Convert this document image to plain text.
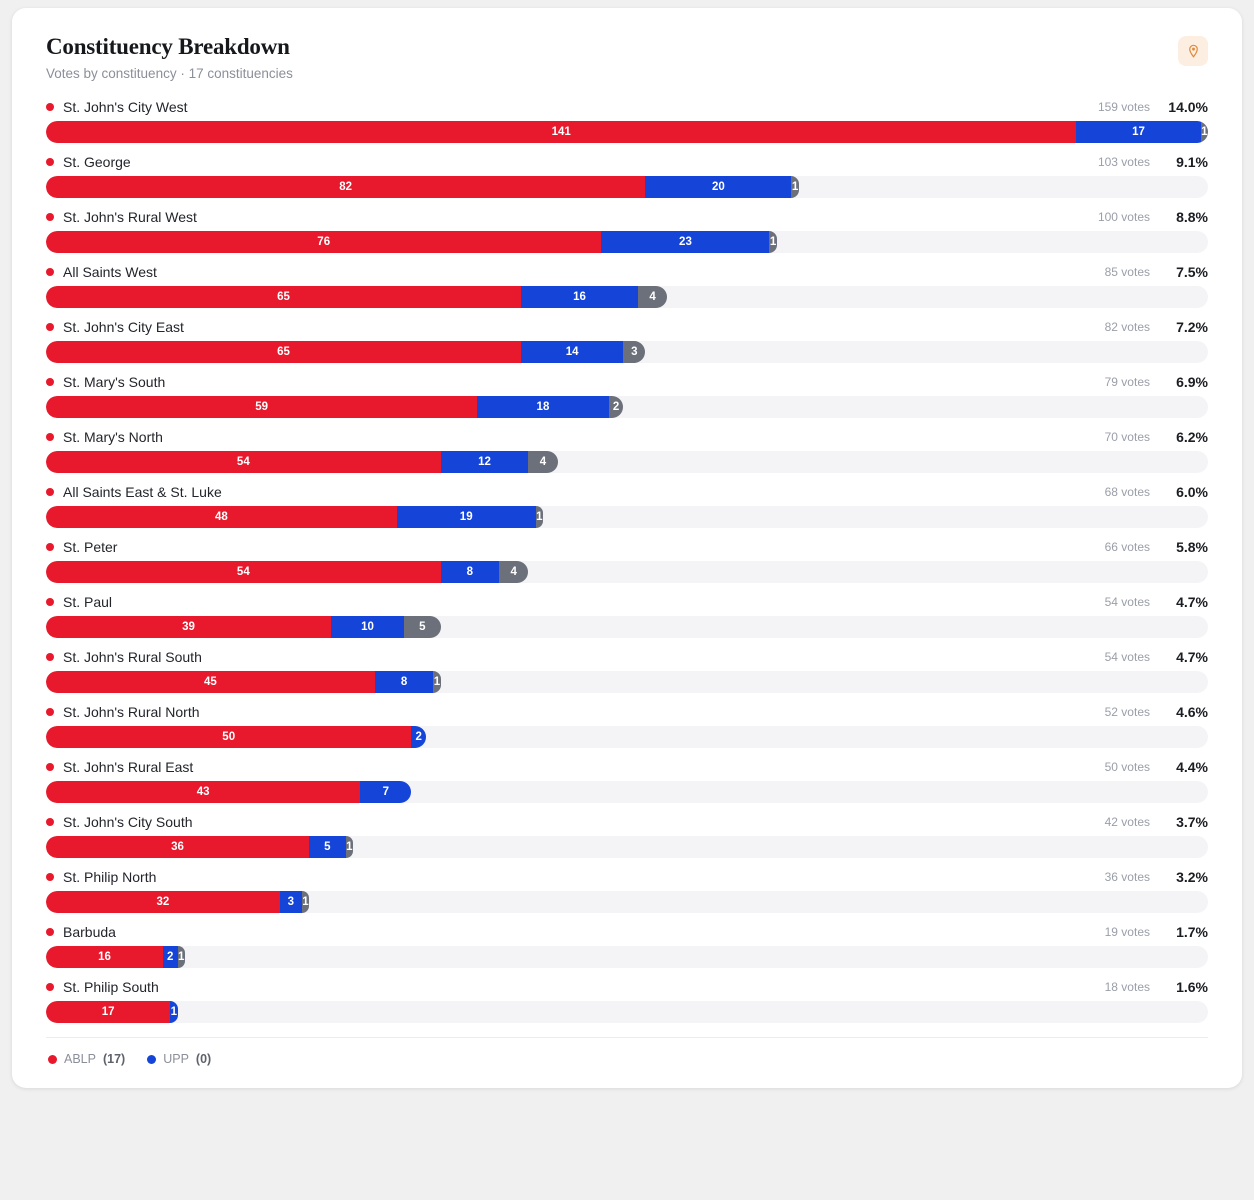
Constituency Breakdown
Votes by constituency · 17 constituencies
St. John's City West	159 votes	14.0%
141	17	1
St. George	103 votes	9.1%
82	20	1
St. John's Rural West	100 votes	8.8%
76	23	1
All Saints West	85 votes	7.5%
65	16	4
St. John's City East	82 votes	7.2%
65	14	3
St. Mary's South	79 votes	6.9%
59	18	2
St. Mary's North	70 votes	6.2%
54	12	4
All Saints East & St. Luke	68 votes	6.0%
48	19	1
St. Peter	66 votes	5.8%
54	8	4
St. Paul	54 votes	4.7%
39	10	5
St. John's Rural South	54 votes	4.7%
45	8	1
St. John's Rural North	52 votes	4.6%
50	2
St. John's Rural East	50 votes	4.4%
43	7
St. John's City South	42 votes	3.7%
36	5	1
St. Philip North	36 votes	3.2%
32	3 1
Barbuda	19 votes	1.7%
16	2 1
St. Philip South	18 votes	1.6%
17	1
ABLP (17)	UPP (0)
